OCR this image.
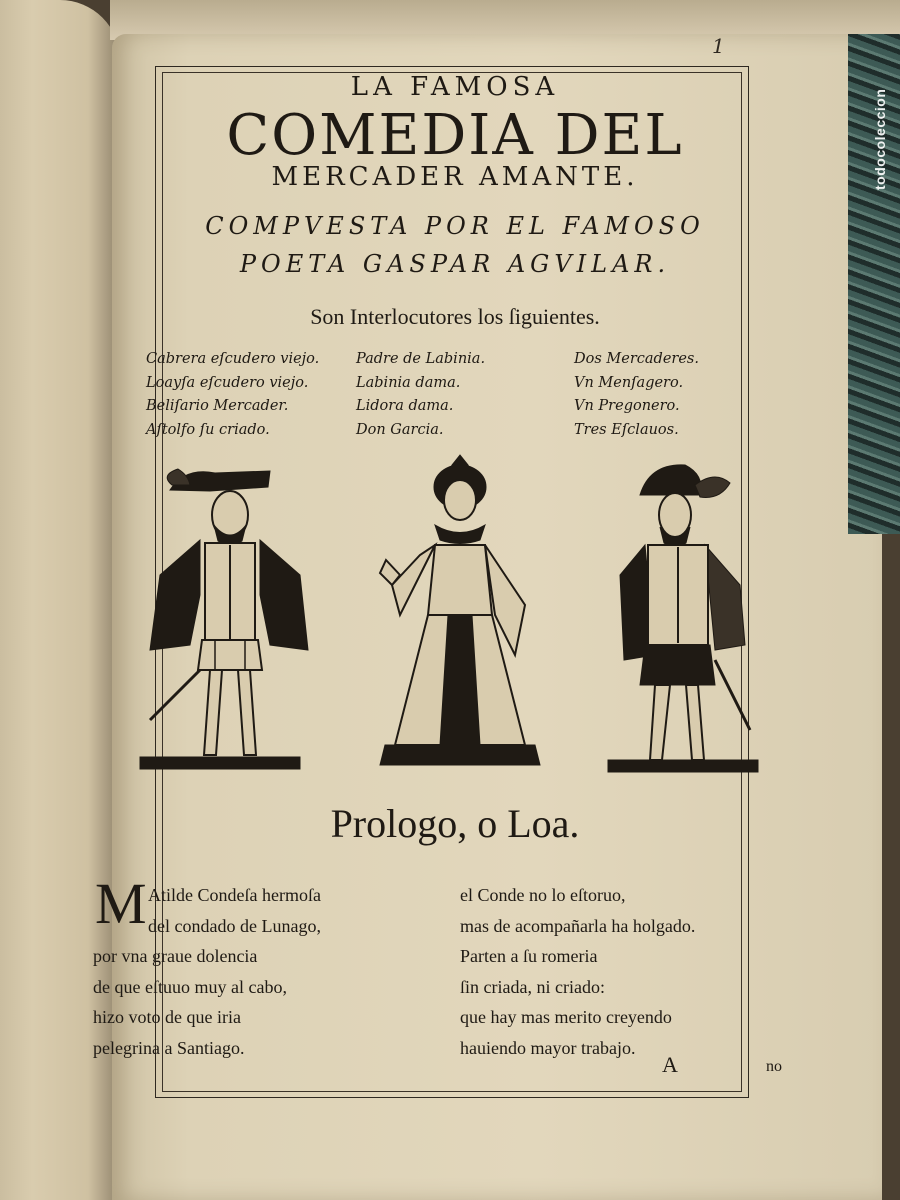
todocoleccion
1
LA FAMOSA
COMEDIA DEL
MERCADER AMANTE.
COMPVESTA POR EL FAMOSO
POETA GASPAR AGVILAR.
Son Interlocutores los ſiguientes.
Cabrera eſcudero viejo.
Loayſa eſcudero viejo.
Beliſario Mercader.
Aſtolfo ſu criado.
Padre de Labinia.
Labinia dama.
Lidora dama.
Don Garcia.
Dos Mercaderes.
Vn Menſagero.
Vn Pregonero.
Tres Eſclauos.
Prologo, o Loa.
M Atilde Condeſa hermoſa
del condado de Lunago,
por vna graue dolencia
de que eſtuuo muy al cabo,
hizo voto de que iria
pelegrina a Santiago.
el Conde no lo eſtoruo,
mas de acompañarla ha holgado.
Parten a ſu romeria
ſin criada, ni criado:
que hay mas merito creyendo
hauiendo mayor trabajo.
A	no
